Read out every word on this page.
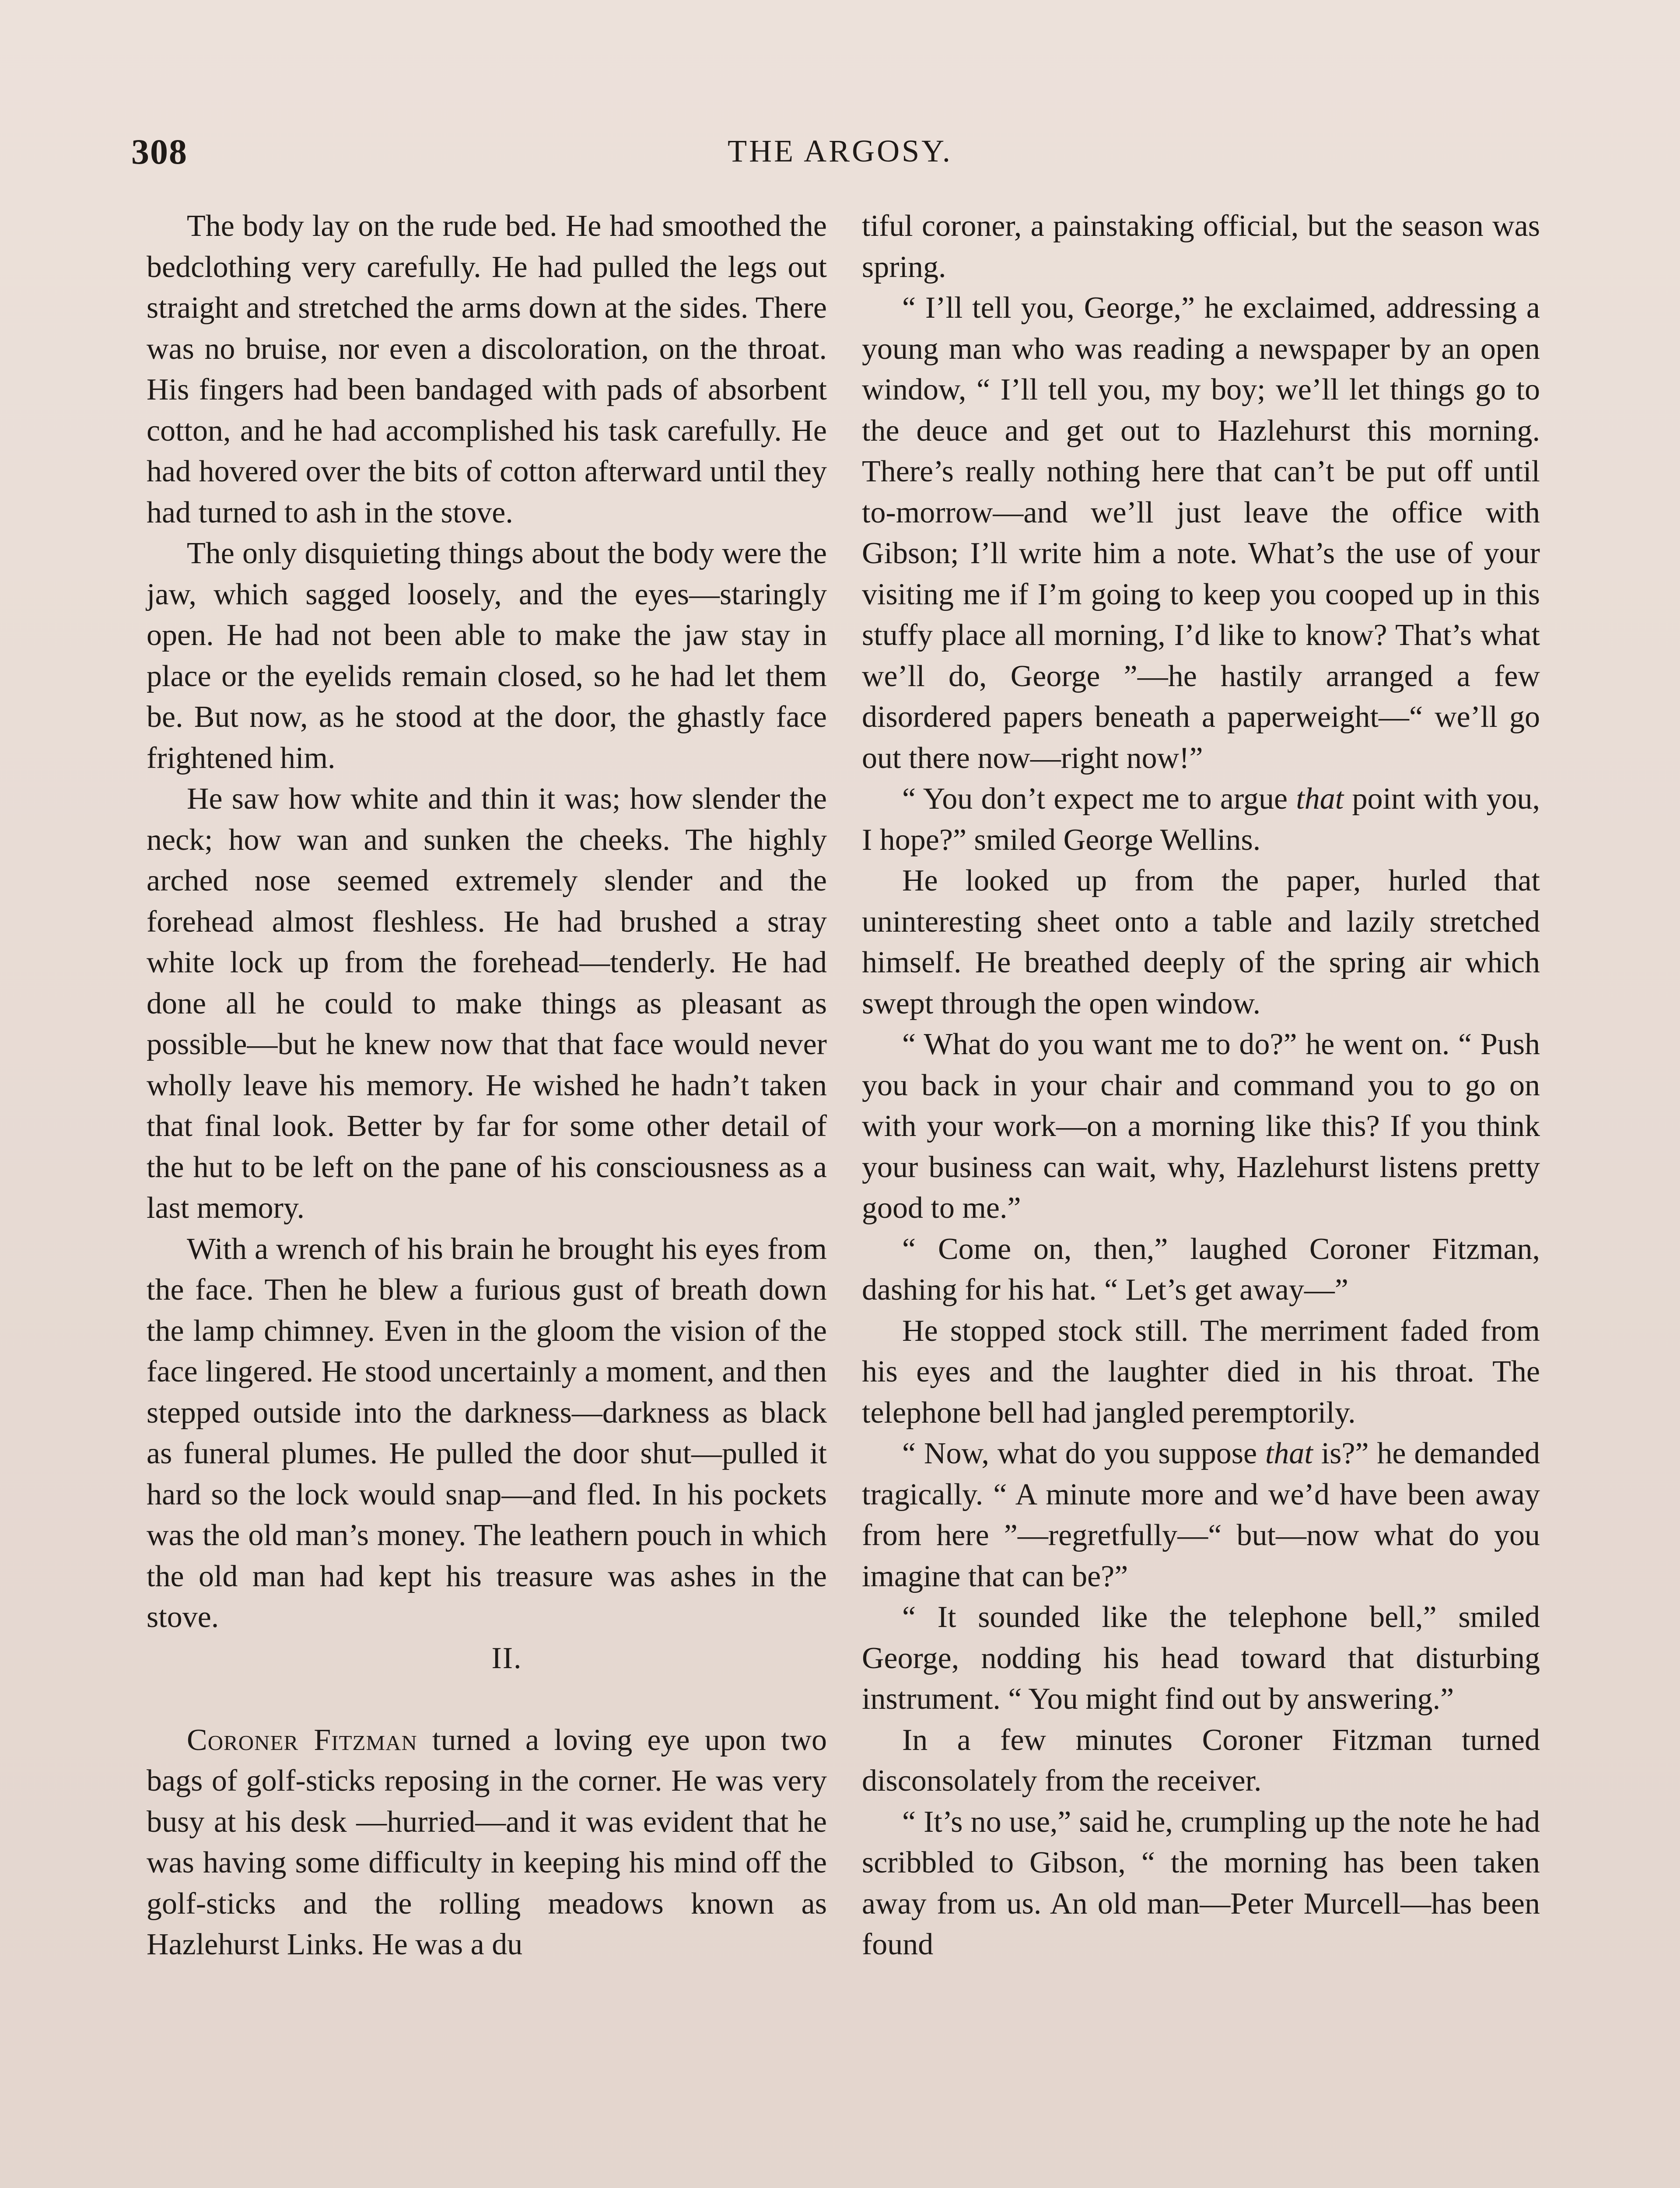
308	THE ARGOSY.

The body lay on the rude bed. He had smoothed the bedclothing very carefully. He had pulled the legs out straight and stretched the arms down at the sides. There was no bruise, nor even a discoloration, on the throat. His fingers had been bandaged with pads of absorbent cotton, and he had accomplished his task carefully. He had hovered over the bits of cotton afterward until they had turned to ash in the stove.

The only disquieting things about the body were the jaw, which sagged loosely, and the eyes—staringly open. He had not been able to make the jaw stay in place or the eyelids remain closed, so he had let them be. But now, as he stood at the door, the ghastly face frightened him.

He saw how white and thin it was; how slender the neck; how wan and sunken the cheeks. The highly arched nose seemed extremely slender and the forehead almost fleshless. He had brushed a stray white lock up from the forehead—tenderly. He had done all he could to make things as pleasant as possible—but he knew now that that face would never wholly leave his memory. He wished he hadn’t taken that final look. Better by far for some other detail of the hut to be left on the pane of his consciousness as a last memory.

With a wrench of his brain he brought his eyes from the face. Then he blew a furious gust of breath down the lamp chimney. Even in the gloom the vision of the face lingered. He stood uncertainly a moment, and then stepped outside into the darkness—darkness as black as funeral plumes. He pulled the door shut—pulled it hard so the lock would snap—and fled. In his pockets was the old man’s money. The leathern pouch in which the old man had kept his treasure was ashes in the stove.

II.

Coroner Fitzman turned a loving eye upon two bags of golf-sticks reposing in the corner. He was very busy at his desk —hurried—and it was evident that he was having some difficulty in keeping his mind off the golf-sticks and the rolling meadows known as Hazlehurst Links. He was a du

tiful coroner, a painstaking official, but the season was spring.

“ I’ll tell you, George,” he exclaimed, addressing a young man who was reading a newspaper by an open window, “ I’ll tell you, my boy; we’ll let things go to the deuce and get out to Hazlehurst this morning. There’s really nothing here that can’t be put off until to-morrow—and we’ll just leave the office with Gibson; I’ll write him a note. What’s the use of your visiting me if I’m going to keep you cooped up in this stuffy place all morning, I’d like to know? That’s what we’ll do, George ”—he hastily arranged a few disordered papers beneath a paperweight—“ we’ll go out there now—right now!”

“ You don’t expect me to argue that point with you, I hope?” smiled George Wellins.

He looked up from the paper, hurled that uninteresting sheet onto a table and lazily stretched himself. He breathed deeply of the spring air which swept through the open window.

“ What do you want me to do?” he went on. “ Push you back in your chair and command you to go on with your work—on a morning like this? If you think your business can wait, why, Hazlehurst listens pretty good to me.”

“ Come on, then,” laughed Coroner Fitzman, dashing for his hat. “ Let’s get away—”

He stopped stock still. The merriment faded from his eyes and the laughter died in his throat. The telephone bell had jangled peremptorily.

“ Now, what do you suppose that is?” he demanded tragically. “ A minute more and we’d have been away from here ”—regretfully—“ but—now what do you imagine that can be?”

“ It sounded like the telephone bell,” smiled George, nodding his head toward that disturbing instrument. “ You might find out by answering.”

In a few minutes Coroner Fitzman turned disconsolately from the receiver.

“ It’s no use,” said he, crumpling up the note he had scribbled to Gibson, “ the morning has been taken away from us. An old man—Peter Murcell—has been found
